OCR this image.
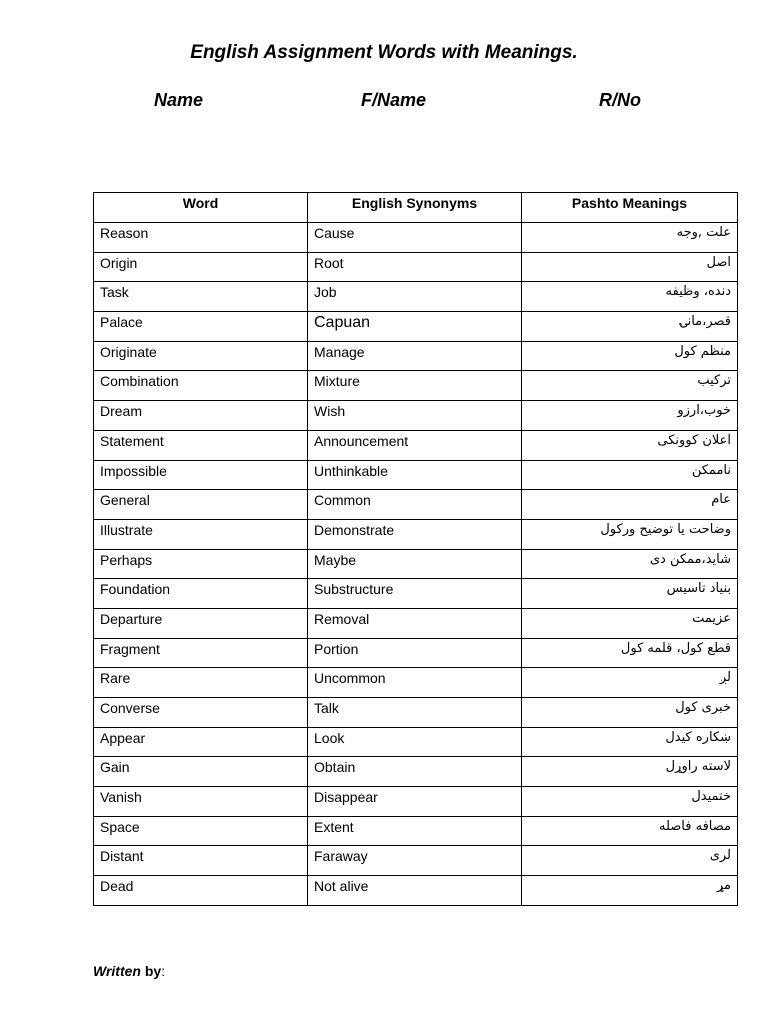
English Assignment Words with Meanings.
Name	F/Name	R/No
Word	English Synonyms	Pashto Meanings
Reason	Cause	علت ,وجه
Origin	Root	اصل
Task	Job	دنده، وظیفه
Palace	Capuan	قصر،مانۍ
Originate	Manage	منظم کول
Combination	Mixture	ترکیب
Dream	Wish	خوب،ارزو
Statement	Announcement	اعلان کوونکی
Impossible	Unthinkable	ناممکن
General	Common	عام
Illustrate	Demonstrate	وضاحت یا توضیح ورکول
Perhaps	Maybe	شاید،ممکن دی
Foundation	Substructure	بنیاد تاسیس
Departure	Removal	عزیمت
Fragment	Portion	قطع کول، قلمه کول
Rare	Uncommon	لږ
Converse	Talk	خبری کول
Appear	Look	ښکاره کیدل
Gain	Obtain	لاسته راوړل
Vanish	Disappear	ختمیدل
Space	Extent	مصافه فاصله
Distant	Faraway	لری
Dead	Not alive	مړ
Written by:
